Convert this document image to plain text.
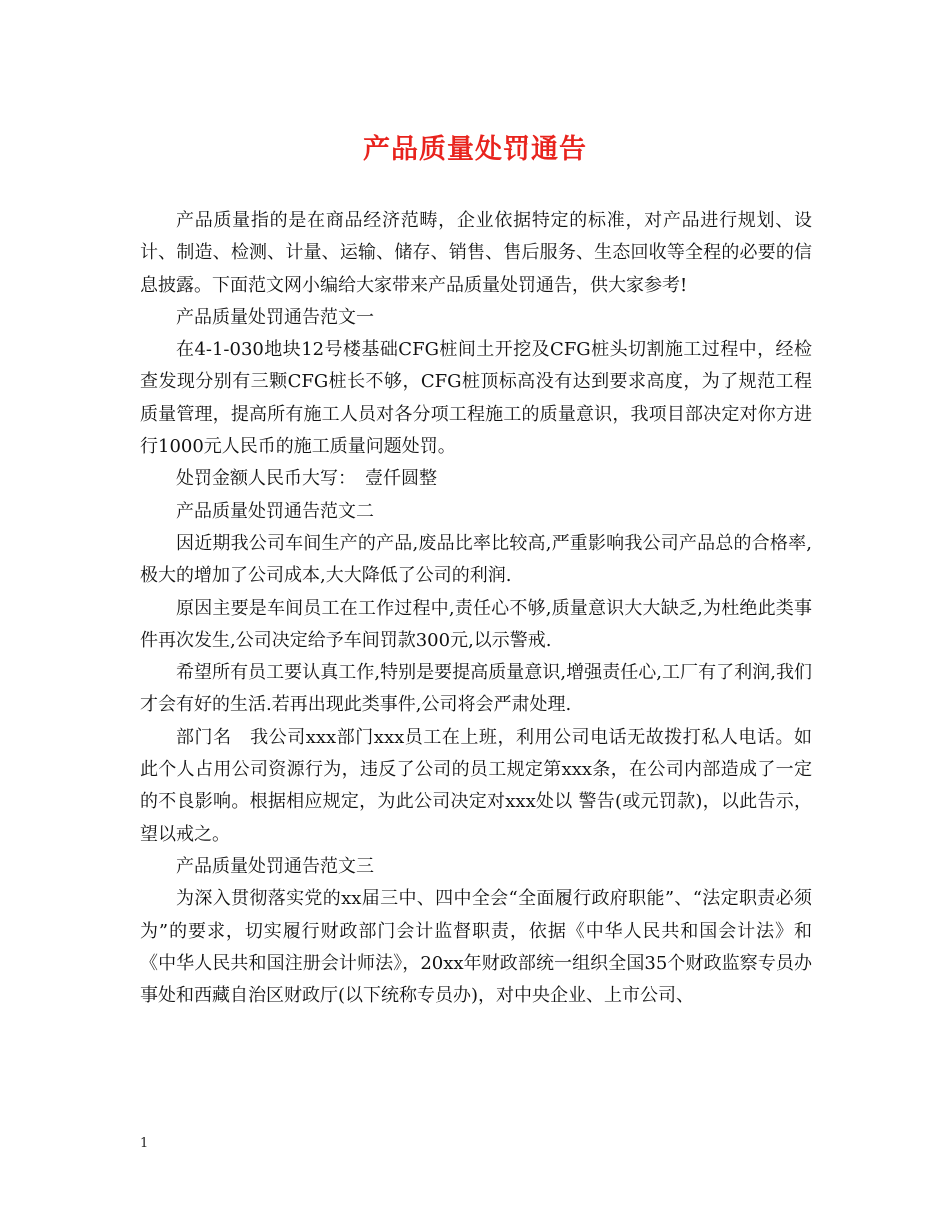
产品质量处罚通告

产品质量指的是在商品经济范畴，企业依据特定的标准，对产品进行规划、设计、制造、检测、计量、运输、储存、销售、售后服务、生态回收等全程的必要的信息披露。下面范文网小编给大家带来产品质量处罚通告，供大家参考!

产品质量处罚通告范文一

在4-1-030地块12号楼基础CFG桩间土开挖及CFG桩头切割施工过程中，经检查发现分别有三颗CFG桩长不够，CFG桩顶标高没有达到要求高度，为了规范工程质量管理，提高所有施工人员对各分项工程施工的质量意识，我项目部决定对你方进行1000元人民币的施工质量问题处罚。

处罚金额人民币大写：　壹仟圆整

产品质量处罚通告范文二

因近期我公司车间生产的产品,废品比率比较高,严重影响我公司产品总的合格率,极大的增加了公司成本,大大降低了公司的利润.

原因主要是车间员工在工作过程中,责任心不够,质量意识大大缺乏,为杜绝此类事件再次发生,公司决定给予车间罚款300元,以示警戒.

希望所有员工要认真工作,特别是要提高质量意识,增强责任心,工厂有了利润,我们才会有好的生活.若再出现此类事件,公司将会严肃处理.

部门名　我公司xxx部门xxx员工在上班，利用公司电话无故拨打私人电话。如此个人占用公司资源行为，违反了公司的员工规定第xxx条，在公司内部造成了一定的不良影响。根据相应规定，为此公司决定对xxx处以 警告(或元罚款)，以此告示，望以戒之。

产品质量处罚通告范文三

为深入贯彻落实党的xx届三中、四中全会“全面履行政府职能”、“法定职责必须为”的要求，切实履行财政部门会计监督职责，依据《中华人民共和国会计法》和《中华人民共和国注册会计师法》，20xx年财政部统一组织全国35个财政监察专员办事处和西藏自治区财政厅(以下统称专员办)，对中央企业、上市公司、

1
